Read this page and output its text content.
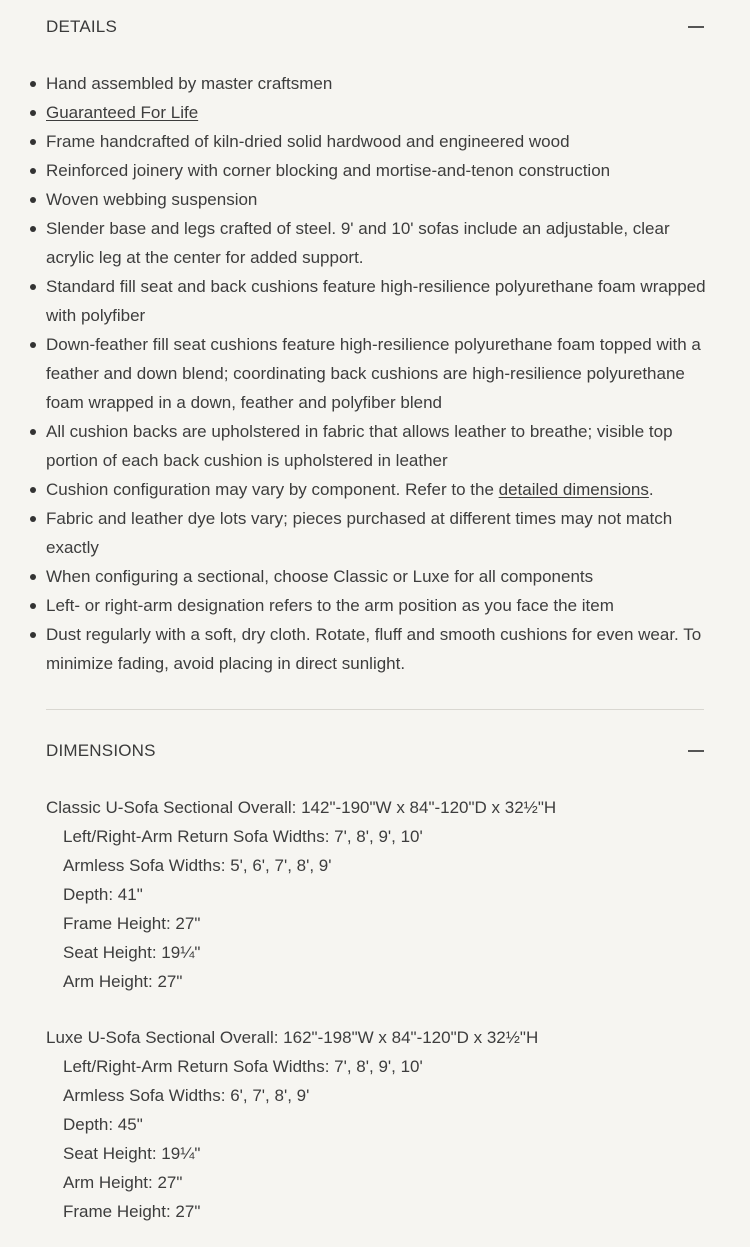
DETAILS
Hand assembled by master craftsmen
Guaranteed For Life
Frame handcrafted of kiln-dried solid hardwood and engineered wood
Reinforced joinery with corner blocking and mortise-and-tenon construction
Woven webbing suspension
Slender base and legs crafted of steel. 9' and 10' sofas include an adjustable, clear acrylic leg at the center for added support.
Standard fill seat and back cushions feature high-resilience polyurethane foam wrapped with polyfiber
Down-feather fill seat cushions feature high-resilience polyurethane foam topped with a feather and down blend; coordinating back cushions are high-resilience polyurethane foam wrapped in a down, feather and polyfiber blend
All cushion backs are upholstered in fabric that allows leather to breathe; visible top portion of each back cushion is upholstered in leather
Cushion configuration may vary by component. Refer to the detailed dimensions.
Fabric and leather dye lots vary; pieces purchased at different times may not match exactly
When configuring a sectional, choose Classic or Luxe for all components
Left- or right-arm designation refers to the arm position as you face the item
Dust regularly with a soft, dry cloth. Rotate, fluff and smooth cushions for even wear. To minimize fading, avoid placing in direct sunlight.
DIMENSIONS
Classic U-Sofa Sectional Overall: 142"-190"W x 84"-120"D x 32½"H
Left/Right-Arm Return Sofa Widths: 7', 8', 9', 10'
Armless Sofa Widths: 5', 6', 7', 8', 9'
Depth: 41"
Frame Height: 27"
Seat Height: 19¼"
Arm Height: 27"
Luxe U-Sofa Sectional Overall: 162"-198"W x 84"-120"D x 32½"H
Left/Right-Arm Return Sofa Widths: 7', 8', 9', 10'
Armless Sofa Widths: 6', 7', 8', 9'
Depth: 45"
Seat Height: 19¼"
Arm Height: 27"
Frame Height: 27"
